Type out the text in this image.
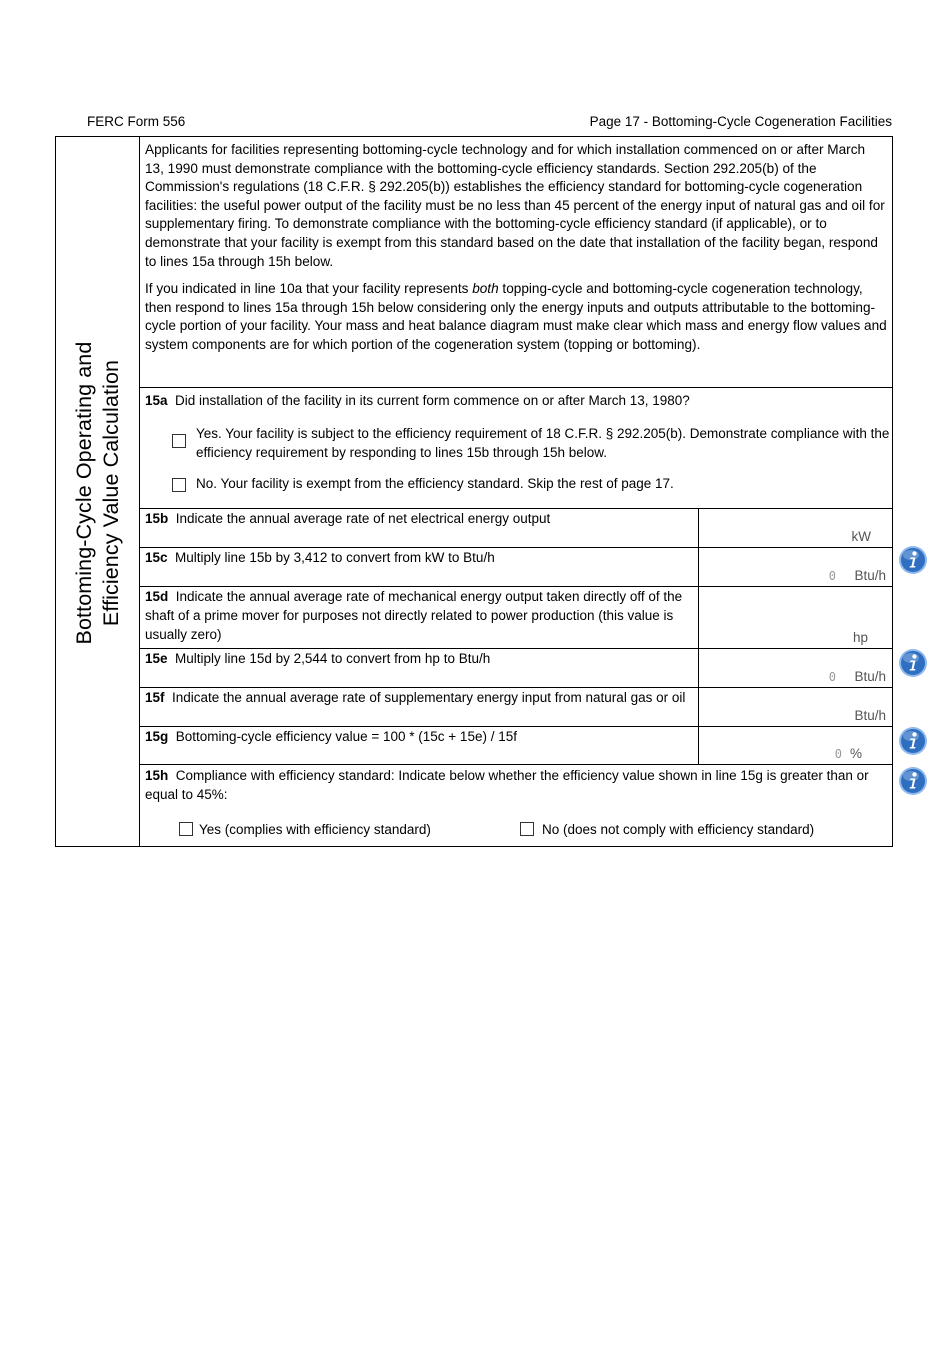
FERC Form 556	Page 17 - Bottoming-Cycle Cogeneration Facilities
Bottoming-Cycle Operating and Efficiency Value Calculation

Applicants for facilities representing bottoming-cycle technology and for which installation commenced on or after March 13, 1990 must demonstrate compliance with the bottoming-cycle efficiency standards. Section 292.205(b) of the Commission's regulations (18 C.F.R. § 292.205(b)) establishes the efficiency standard for bottoming-cycle cogeneration facilities: the useful power output of the facility must be no less than 45 percent of the energy input of natural gas and oil for supplementary firing. To demonstrate compliance with the bottoming-cycle efficiency standard (if applicable), or to demonstrate that your facility is exempt from this standard based on the date that installation of the facility began, respond to lines 15a through 15h below.

If you indicated in line 10a that your facility represents both topping-cycle and bottoming-cycle cogeneration technology, then respond to lines 15a through 15h below considering only the energy inputs and outputs attributable to the bottoming-cycle portion of your facility. Your mass and heat balance diagram must make clear which mass and energy flow values and system components are for which portion of the cogeneration system (topping or bottoming).

15a Did installation of the facility in its current form commence on or after March 13, 1980?
Yes. Your facility is subject to the efficiency requirement of 18 C.F.R. § 292.205(b). Demonstrate compliance with the efficiency requirement by responding to lines 15b through 15h below.
No. Your facility is exempt from the efficiency standard. Skip the rest of page 17.
15b Indicate the annual average rate of net electrical energy output
kW
15c Multiply line 15b by 3,412 to convert from kW to Btu/h
0 Btu/h
15d Indicate the annual average rate of mechanical energy output taken directly off of the shaft of a prime mover for purposes not directly related to power production (this value is usually zero)	hp
15e Multiply line 15d by 2,544 to convert from hp to Btu/h
0 Btu/h
15f Indicate the annual average rate of supplementary energy input from natural gas or oil
Btu/h
15g Bottoming-cycle efficiency value = 100 * (15c + 15e) / 15f
0 %
15h Compliance with efficiency standard: Indicate below whether the efficiency value shown in line 15g is greater than or equal to 45%:
Yes (complies with efficiency standard)	No (does not comply with efficiency standard)
